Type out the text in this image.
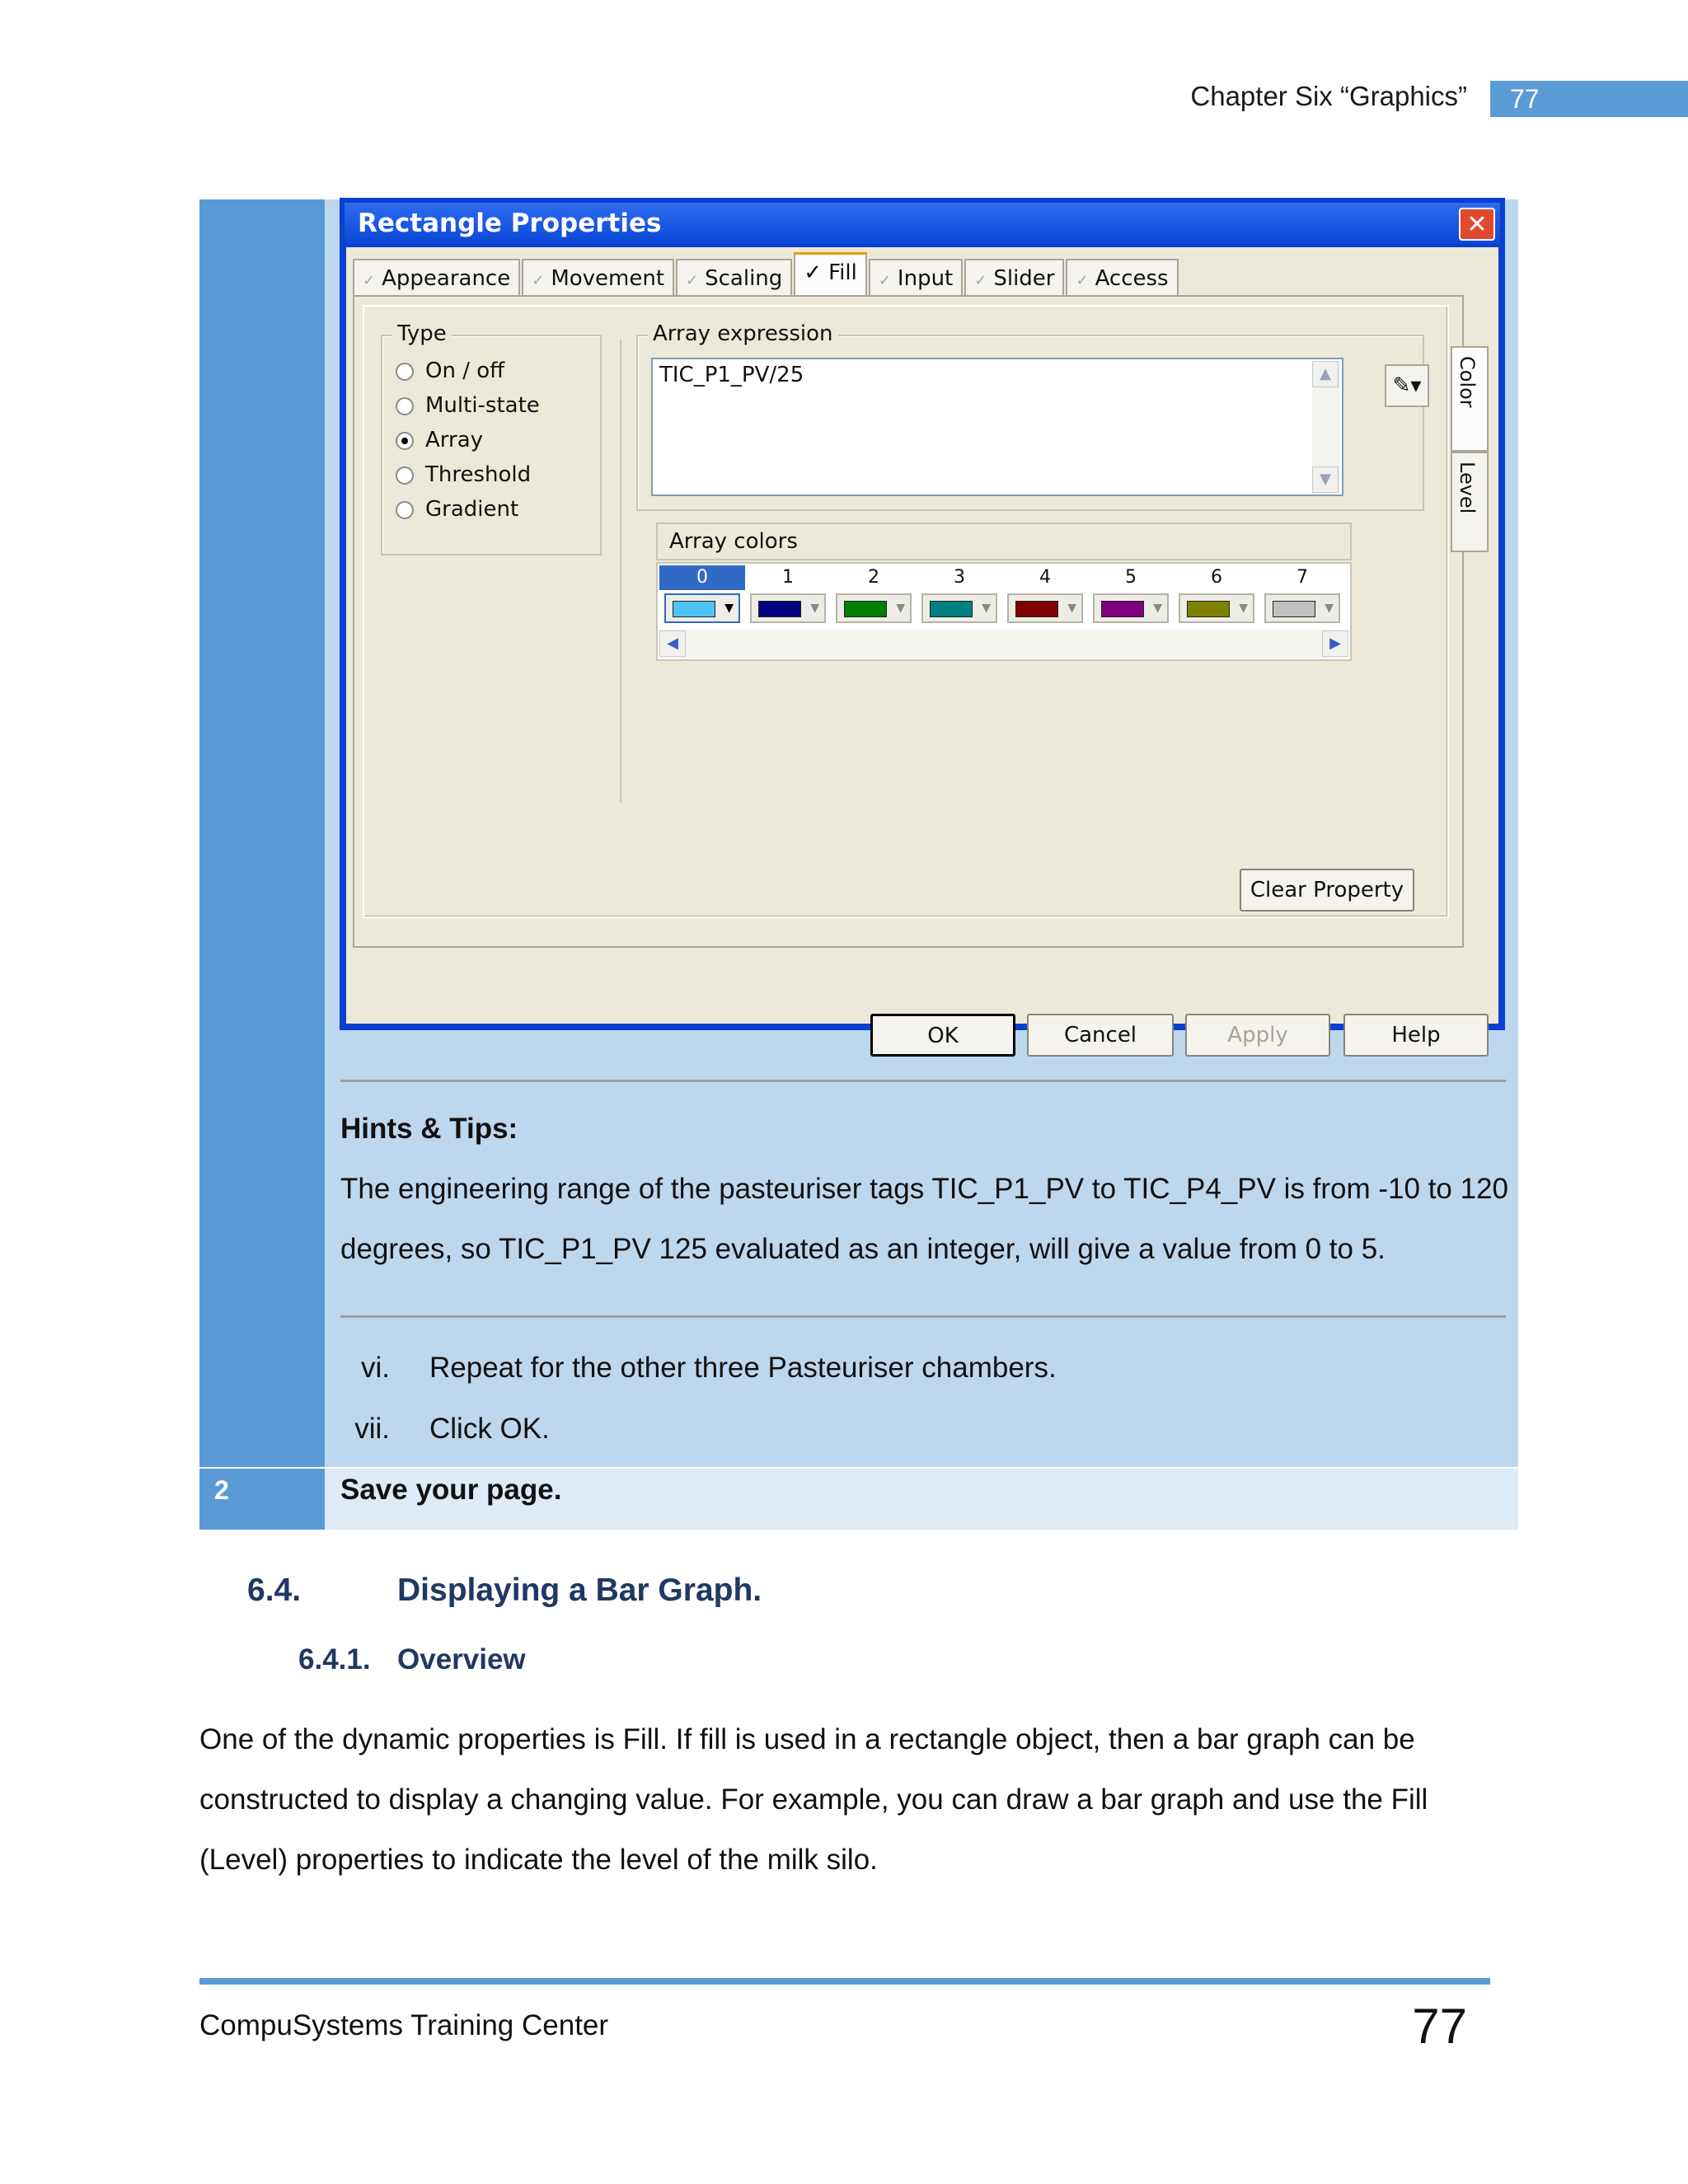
Chapter Six “Graphics”	77
Rectangle Properties	✕
✓ Appearance	✓ Movement	✓ Scaling	✓ Fill	✓ Input	✓ Slider	✓ Access
Type
On / off
Multi-state
Array
Threshold
Gradient
Array expression
TIC_P1_PV/25	▲
▼
✎▾
Array colors
0	1	2	3	4	5	6	7
▼	▼	▼	▼	▼	▼	▼	▼
◀	▶
Clear Property
Color
Level
OK	Cancel	Apply	Help
Hints & Tips:
The engineering range of the pasteuriser tags TIC_P1_PV to TIC_P4_PV is from -10 to 120 degrees, so TIC_P1_PV 125 evaluated as an integer, will give a value from 0 to 5.
vi. Repeat for the other three Pasteuriser chambers.
vii. Click OK.
2	Save your page.
6.4.	Displaying a Bar Graph.
6.4.1. Overview
One of the dynamic properties is Fill. If fill is used in a rectangle object, then a bar graph can be constructed to display a changing value. For example, you can draw a bar graph and use the Fill (Level) properties to indicate the level of the milk silo.
CompuSystems Training Center	77
